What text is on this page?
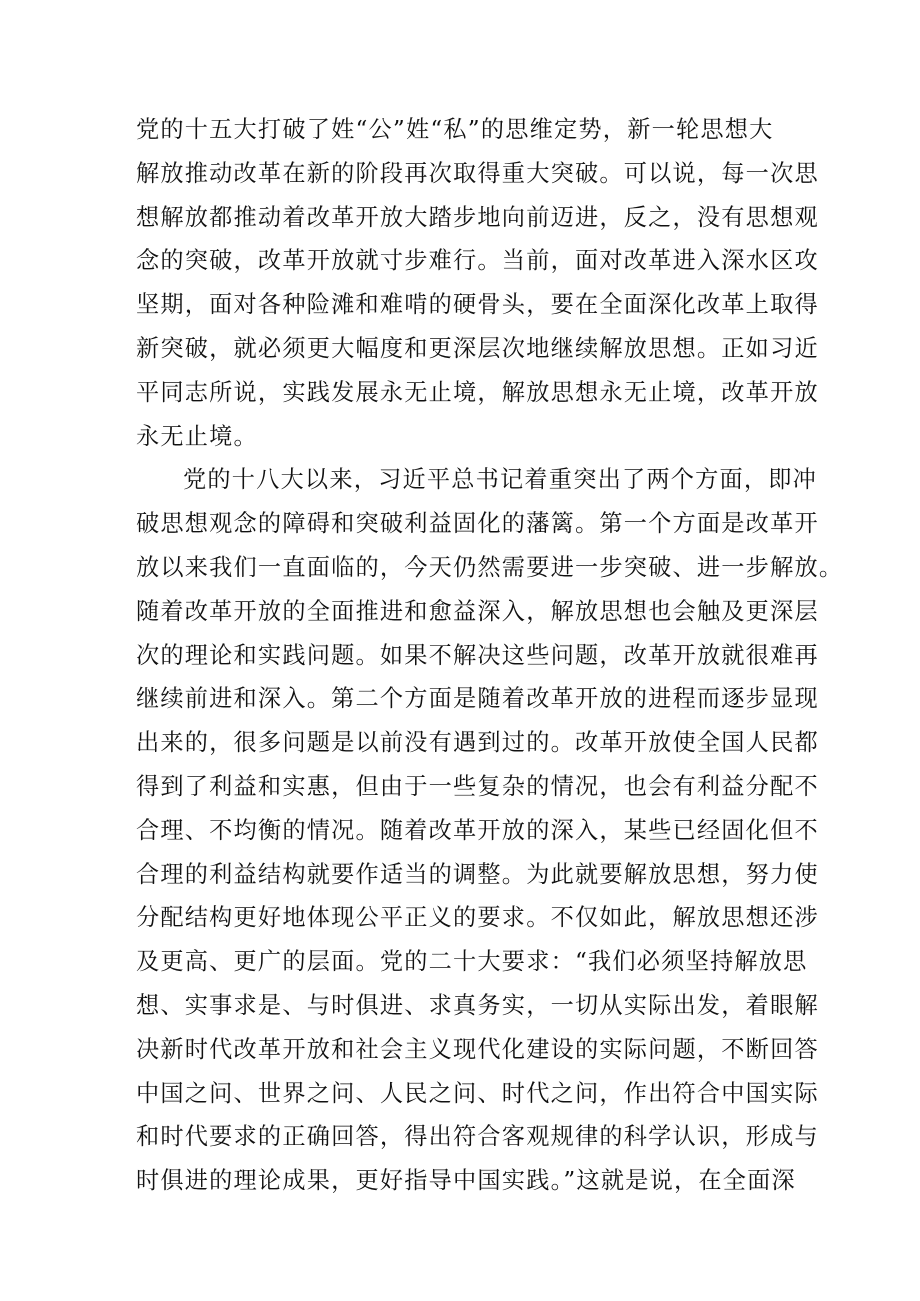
党的十五大打破了姓“公”姓“私”的思维定势，新一轮思想大
解放推动改革在新的阶段再次取得重大突破。可以说，每一次思
想解放都推动着改革开放大踏步地向前迈进，反之，没有思想观
念的突破，改革开放就寸步难行。当前，面对改革进入深水区攻
坚期，面对各种险滩和难啃的硬骨头，要在全面深化改革上取得
新突破，就必须更大幅度和更深层次地继续解放思想。正如习近
平同志所说，实践发展永无止境，解放思想永无止境，改革开放
永无止境。
党的十八大以来，习近平总书记着重突出了两个方面，即冲
破思想观念的障碍和突破利益固化的藩篱。第一个方面是改革开
放以来我们一直面临的，今天仍然需要进一步突破、进一步解放。
随着改革开放的全面推进和愈益深入，解放思想也会触及更深层
次的理论和实践问题。如果不解决这些问题，改革开放就很难再
继续前进和深入。第二个方面是随着改革开放的进程而逐步显现
出来的，很多问题是以前没有遇到过的。改革开放使全国人民都
得到了利益和实惠，但由于一些复杂的情况，也会有利益分配不
合理、不均衡的情况。随着改革开放的深入，某些已经固化但不
合理的利益结构就要作适当的调整。为此就要解放思想，努力使
分配结构更好地体现公平正义的要求。不仅如此，解放思想还涉
及更高、更广的层面。党的二十大要求：“我们必须坚持解放思
想、实事求是、与时俱进、求真务实，一切从实际出发，着眼解
决新时代改革开放和社会主义现代化建设的实际问题，不断回答
中国之问、世界之问、人民之问、时代之问，作出符合中国实际
和时代要求的正确回答，得出符合客观规律的科学认识，形成与
时俱进的理论成果，更好指导中国实践。”这就是说，在全面深
